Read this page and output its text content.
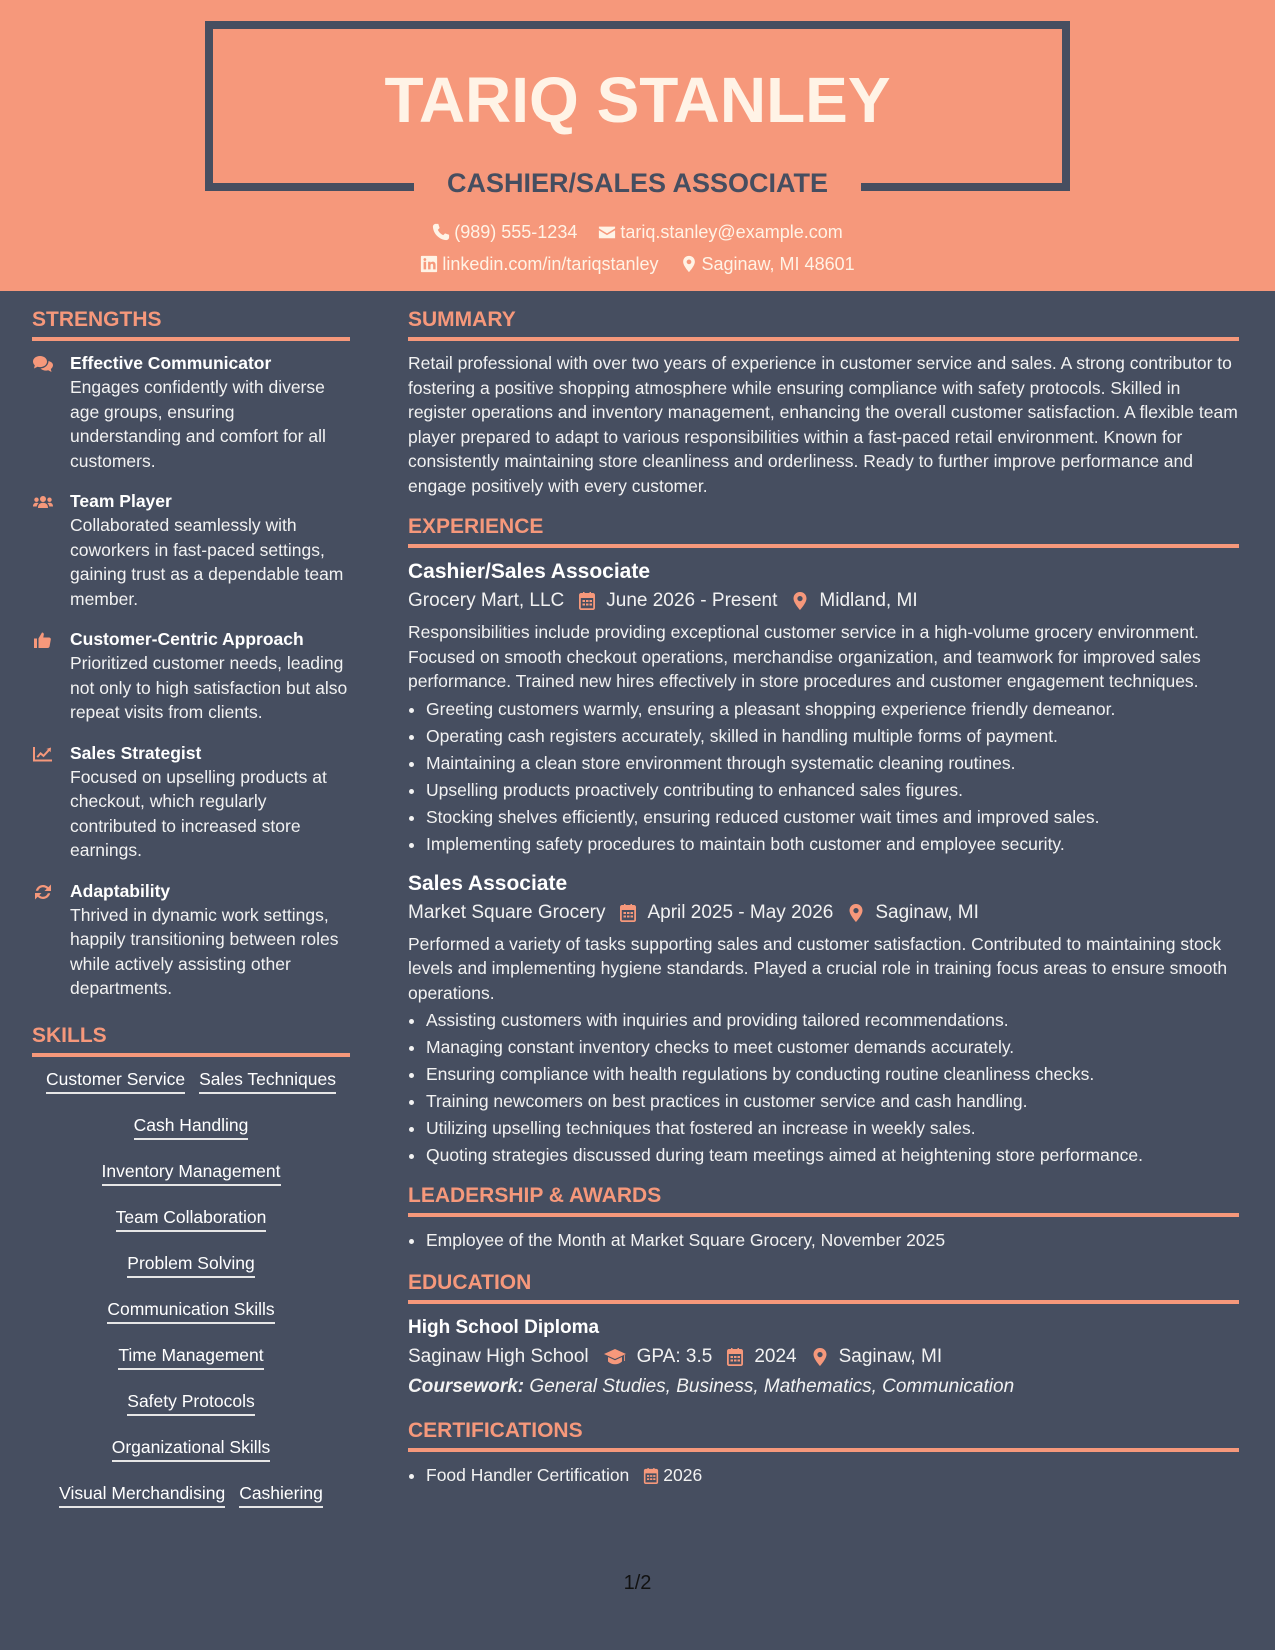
TARIQ STANLEY
CASHIER/SALES ASSOCIATE
(989) 555-1234
tariq.stanley@example.com
linkedin.com/in/tariqstanley
Saginaw, MI 48601
STRENGTHS
Effective Communicator
Engages confidently with diverse age groups, ensuring understanding and comfort for all customers.
Team Player
Collaborated seamlessly with coworkers in fast-paced settings, gaining trust as a dependable team member.
Customer-Centric Approach
Prioritized customer needs, leading not only to high satisfaction but also repeat visits from clients.
Sales Strategist
Focused on upselling products at checkout, which regularly contributed to increased store earnings.
Adaptability
Thrived in dynamic work settings, happily transitioning between roles while actively assisting other departments.
SKILLS
Customer Service Sales Techniques
Cash Handling
Inventory Management
Team Collaboration
Problem Solving
Communication Skills
Time Management
Safety Protocols
Organizational Skills
Visual Merchandising Cashiering
SUMMARY
Retail professional with over two years of experience in customer service and sales. A strong contributor to fostering a positive shopping atmosphere while ensuring compliance with safety protocols. Skilled in register operations and inventory management, enhancing the overall customer satisfaction. A flexible team player prepared to adapt to various responsibilities within a fast-paced retail environment. Known for consistently maintaining store cleanliness and orderliness. Ready to further improve performance and engage positively with every customer.
EXPERIENCE
Cashier/Sales Associate
Grocery Mart, LLC June 2026 - Present Midland, MI
Responsibilities include providing exceptional customer service in a high-volume grocery environment. Focused on smooth checkout operations, merchandise organization, and teamwork for improved sales performance. Trained new hires effectively in store procedures and customer engagement techniques.
• Greeting customers warmly, ensuring a pleasant shopping experience friendly demeanor.
• Operating cash registers accurately, skilled in handling multiple forms of payment.
• Maintaining a clean store environment through systematic cleaning routines.
• Upselling products proactively contributing to enhanced sales figures.
• Stocking shelves efficiently, ensuring reduced customer wait times and improved sales.
• Implementing safety procedures to maintain both customer and employee security.
Sales Associate
Market Square Grocery April 2025 - May 2026 Saginaw, MI
Performed a variety of tasks supporting sales and customer satisfaction. Contributed to maintaining stock levels and implementing hygiene standards. Played a crucial role in training focus areas to ensure smooth operations.
• Assisting customers with inquiries and providing tailored recommendations.
• Managing constant inventory checks to meet customer demands accurately.
• Ensuring compliance with health regulations by conducting routine cleanliness checks.
• Training newcomers on best practices in customer service and cash handling.
• Utilizing upselling techniques that fostered an increase in weekly sales.
• Quoting strategies discussed during team meetings aimed at heightening store performance.
LEADERSHIP & AWARDS
• Employee of the Month at Market Square Grocery, November 2025
EDUCATION
High School Diploma
Saginaw High School	GPA: 3.5 2024 Saginaw, MI
Coursework: General Studies, Business, Mathematics, Communication
CERTIFICATIONS
• Food Handler Certification 2026
1/2
